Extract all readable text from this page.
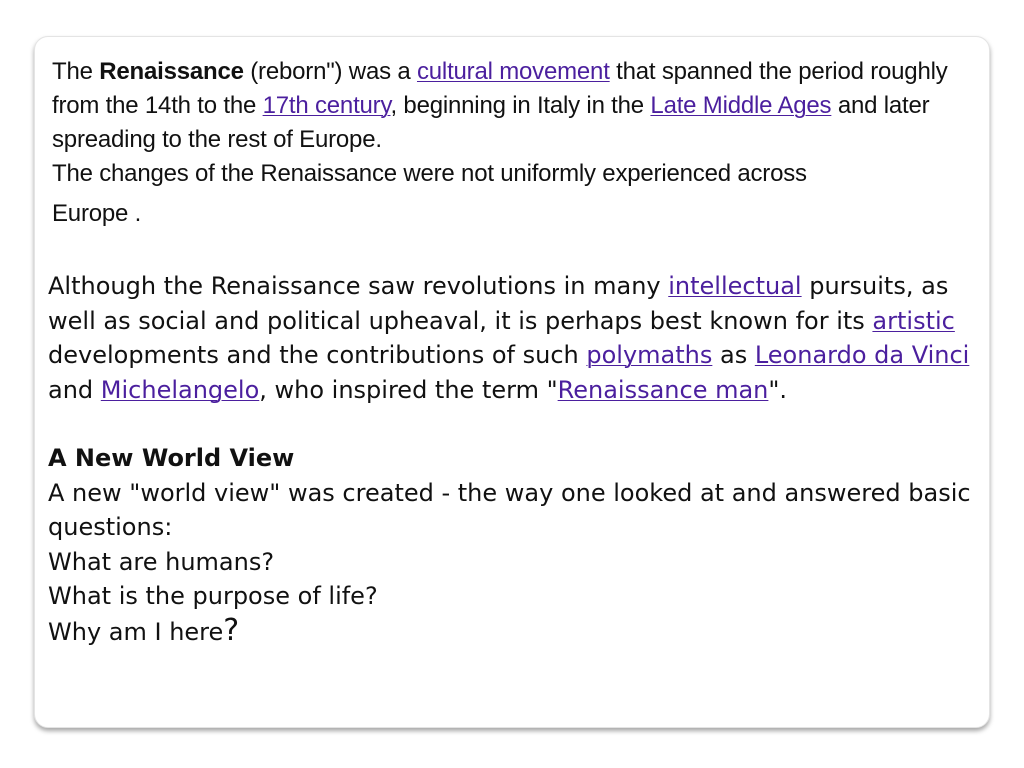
The Renaissance (reborn") was a cultural movement that spanned the period roughly from the 14th to the 17th century, beginning in Italy in the Late Middle Ages and later spreading to the rest of Europe.
The changes of the Renaissance were not uniformly experienced across
Europe .
Although the Renaissance saw revolutions in many intellectual pursuits, as well as social and political upheaval, it is perhaps best known for its artistic developments and the contributions of such polymaths as Leonardo da Vinci and Michelangelo, who inspired the term "Renaissance man".
A New World View
A new "world view" was created - the way one looked at and answered basic questions:
What are humans?
What is the purpose of life?
Why am I here?
